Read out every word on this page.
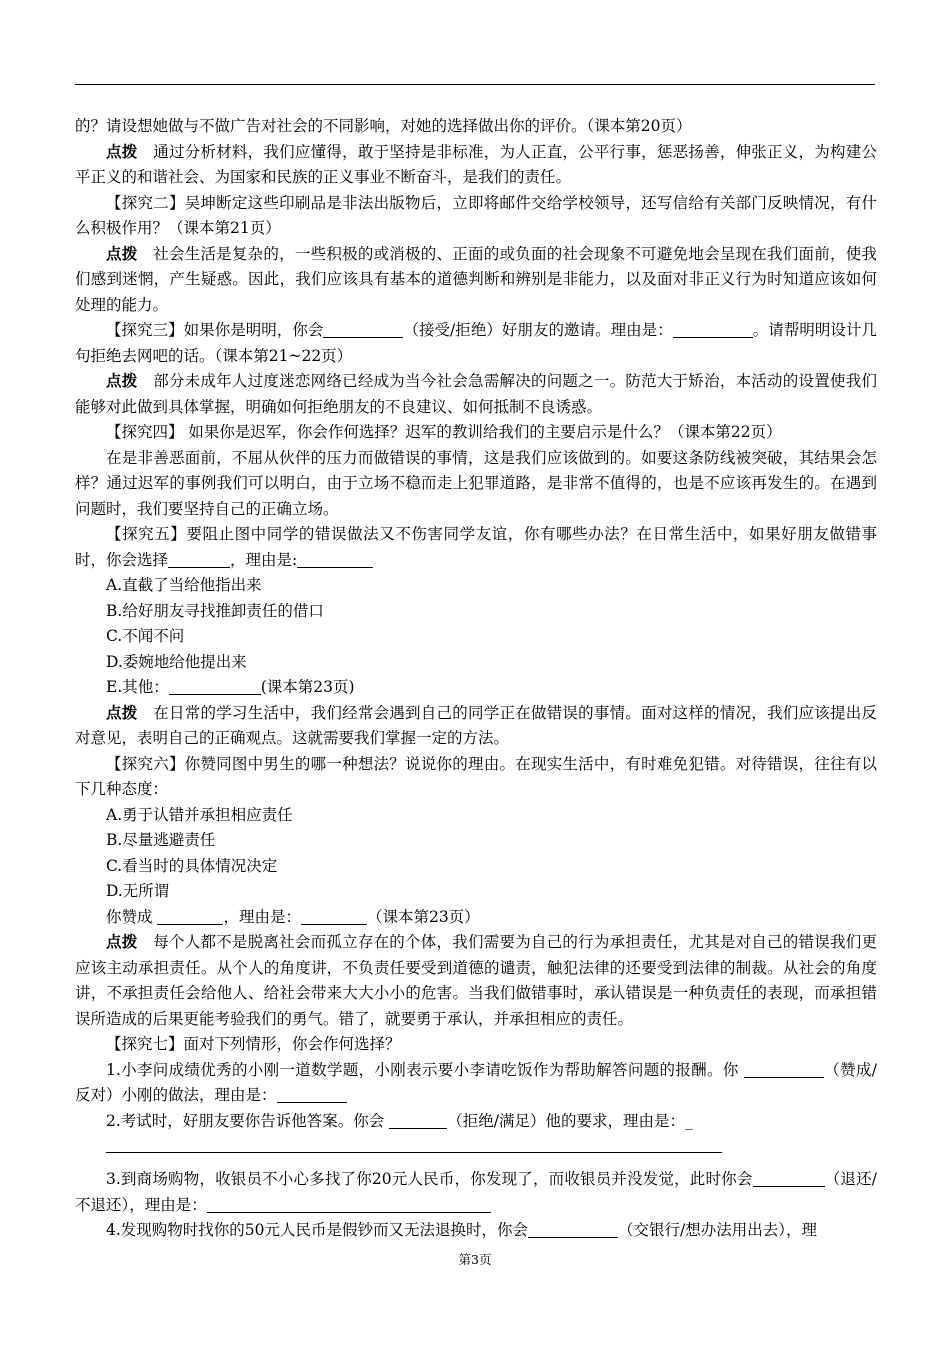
的？请设想她做与不做广告对社会的不同影响，对她的选择做出你的评价。（课本第20页）

点拨　通过分析材料，我们应懂得，敢于坚持是非标准，为人正直，公平行事，惩恶扬善，伸张正义，为构建公平正义的和谐社会、为国家和民族的正义事业不断奋斗，是我们的责任。

【探究二】吴坤断定这些印刷品是非法出版物后，立即将邮件交给学校领导，还写信给有关部门反映情况，有什么积极作用？（课本第21页）

点拨　社会生活是复杂的，一些积极的或消极的、正面的或负面的社会现象不可避免地会呈现在我们面前，使我们感到迷惘，产生疑惑。因此，我们应该具有基本的道德判断和辨别是非能力，以及面对非正义行为时知道应该如何处理的能力。

【探究三】如果你是明明，你会	（接受/拒绝）好朋友的邀请。理由是：	。请帮明明设计几句拒绝去网吧的话。（课本第21~22页）

点拨　部分未成年人过度迷恋网络已经成为当今社会急需解决的问题之一。防范大于矫治，本活动的设置使我们能够对此做到具体掌握，明确如何拒绝朋友的不良建议、如何抵制不良诱惑。

【探究四】 如果你是迟军，你会作何选择？迟军的教训给我们的主要启示是什么？（课本第22页）

在是非善恶面前，不屈从伙伴的压力而做错误的事情，这是我们应该做到的。如要这条防线被突破，其结果会怎样？通过迟军的事例我们可以明白，由于立场不稳而走上犯罪道路，是非常不值得的，也是不应该再发生的。在遇到问题时，我们要坚持自己的正确立场。

【探究五】要阻止图中同学的错误做法又不伤害同学友谊，你有哪些办法？在日常生活中，如果好朋友做错事时，你会选择	，理由是:

A.直截了当给他指出来

B.给好朋友寻找推卸责任的借口

C.不闻不问

D.委婉地给他提出来

E.其他：	(课本第23页)

点拨　在日常的学习生活中，我们经常会遇到自己的同学正在做错误的事情。面对这样的情况，我们应该提出反对意见，表明自己的正确观点。这就需要我们掌握一定的方法。

【探究六】你赞同图中男生的哪一种想法？说说你的理由。在现实生活中，有时难免犯错。对待错误，往往有以下几种态度：

A.勇于认错并承担相应责任

B.尽量逃避责任

C.看当时的具体情况决定

D.无所谓

你赞成	，理由是：	（课本第23页）

点拨　每个人都不是脱离社会而孤立存在的个体，我们需要为自己的行为承担责任，尤其是对自己的错误我们更应该主动承担责任。从个人的角度讲，不负责任要受到道德的谴责，触犯法律的还要受到法律的制裁。从社会的角度讲，不承担责任会给他人、给社会带来大大小小的危害。当我们做错事时，承认错误是一种负责任的表现，而承担错误所造成的后果更能考验我们的勇气。错了，就要勇于承认，并承担相应的责任。

【探究七】面对下列情形，你会作何选择？

1.小李问成绩优秀的小刚一道数学题，小刚表示要小李请吃饭作为帮助解答问题的报酬。你	（赞成/反对）小刚的做法，理由是：

2.考试时，好朋友要你告诉他答案。你会	（拒绝/满足）他的要求，理由是：_

3.到商场购物，收银员不小心多找了你20元人民币，你发现了，而收银员并没发觉，此时你会	（退还/不退还），理由是：

4.发现购物时找你的50元人民币是假钞而又无法退换时，你会	（交银行/想办法用出去），理

第3页
